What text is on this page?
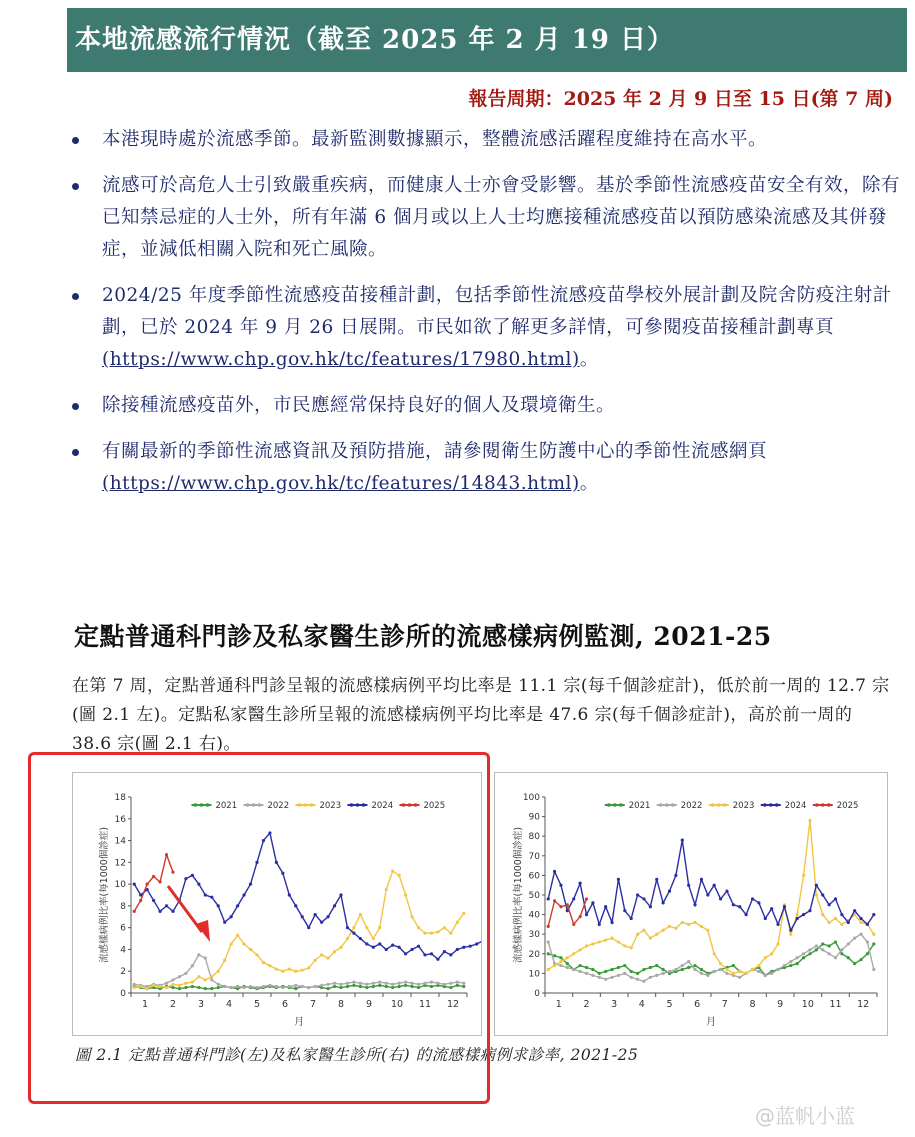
本地流感流行情況（截至 2025 年 2 月 19 日）
報告周期：2025 年 2 月 9 日至 15 日(第 7 周)
本港現時處於流感季節。最新監測數據顯示，整體流感活躍程度維持在高水平。
流感可於高危人士引致嚴重疾病，而健康人士亦會受影響。基於季節性流感疫苗安全有效，除有已知禁忌症的人士外，所有年滿 6 個月或以上人士均應接種流感疫苗以預防感染流感及其併發症，並減低相關入院和死亡風險。
2024/25 年度季節性流感疫苗接種計劃，包括季節性流感疫苗學校外展計劃及院舍防疫注射計劃，已於 2024 年 9 月 26 日展開。市民如欲了解更多詳情，可參閱疫苗接種計劃專頁(https://www.chp.gov.hk/tc/features/17980.html)。
除接種流感疫苗外，市民應經常保持良好的個人及環境衛生。
有關最新的季節性流感資訊及預防措施，請參閱衛生防護中心的季節性流感網頁
(https://www.chp.gov.hk/tc/features/14843.html)。
定點普通科門診及私家醫生診所的流感樣病例監測, 2021-25
在第 7 周，定點普通科門診呈報的流感樣病例平均比率是 11.1 宗(每千個診症計)，低於前一周的 12.7 宗(圖 2.1 左)。定點私家醫生診所呈報的流感樣病例平均比率是 47.6 宗(每千個診症計)，高於前一周的 38.6 宗(圖 2.1 右)。
0
2
4
6
8
10
12
14
16
18
1 2 3 4 5 6 7 8 9 10 11 12
月
流感樣病例比率(每1000個診症)
2021	2022	2023	2024	2025
0
10
20
30
40
50
60
70
80
90
100
1 2 3 4 5 6 7 8 9 10 11 12
月
流感樣病例比率(每1000個診症)
2021	2022	2023	2024	2025
圖 2.1 定點普通科門診(左)及私家醫生診所(右) 的流感樣病例求診率, 2021-25
@蓝帆小蓝
